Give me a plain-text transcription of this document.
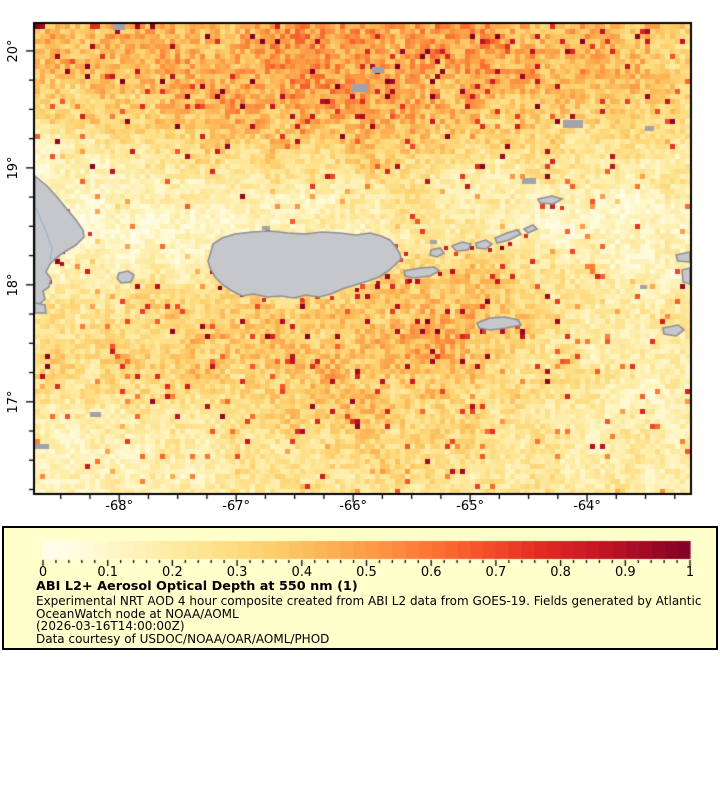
20°
19°
18°
17°
-68°	-67°	-66°	-65°	-64°
0	0.1	0.2	0.3	0.4	0.5	0.6	0.7	0.8	0.9	1
ABI L2+ Aerosol Optical Depth at 550 nm (1)
Experimental NRT AOD 4 hour composite created from ABI L2 data from GOES-19. Fields generated by Atlantic
OceanWatch node at NOAA/AOML
(2026-03-16T14:00:00Z)
Data courtesy of USDOC/NOAA/OAR/AOML/PHOD
